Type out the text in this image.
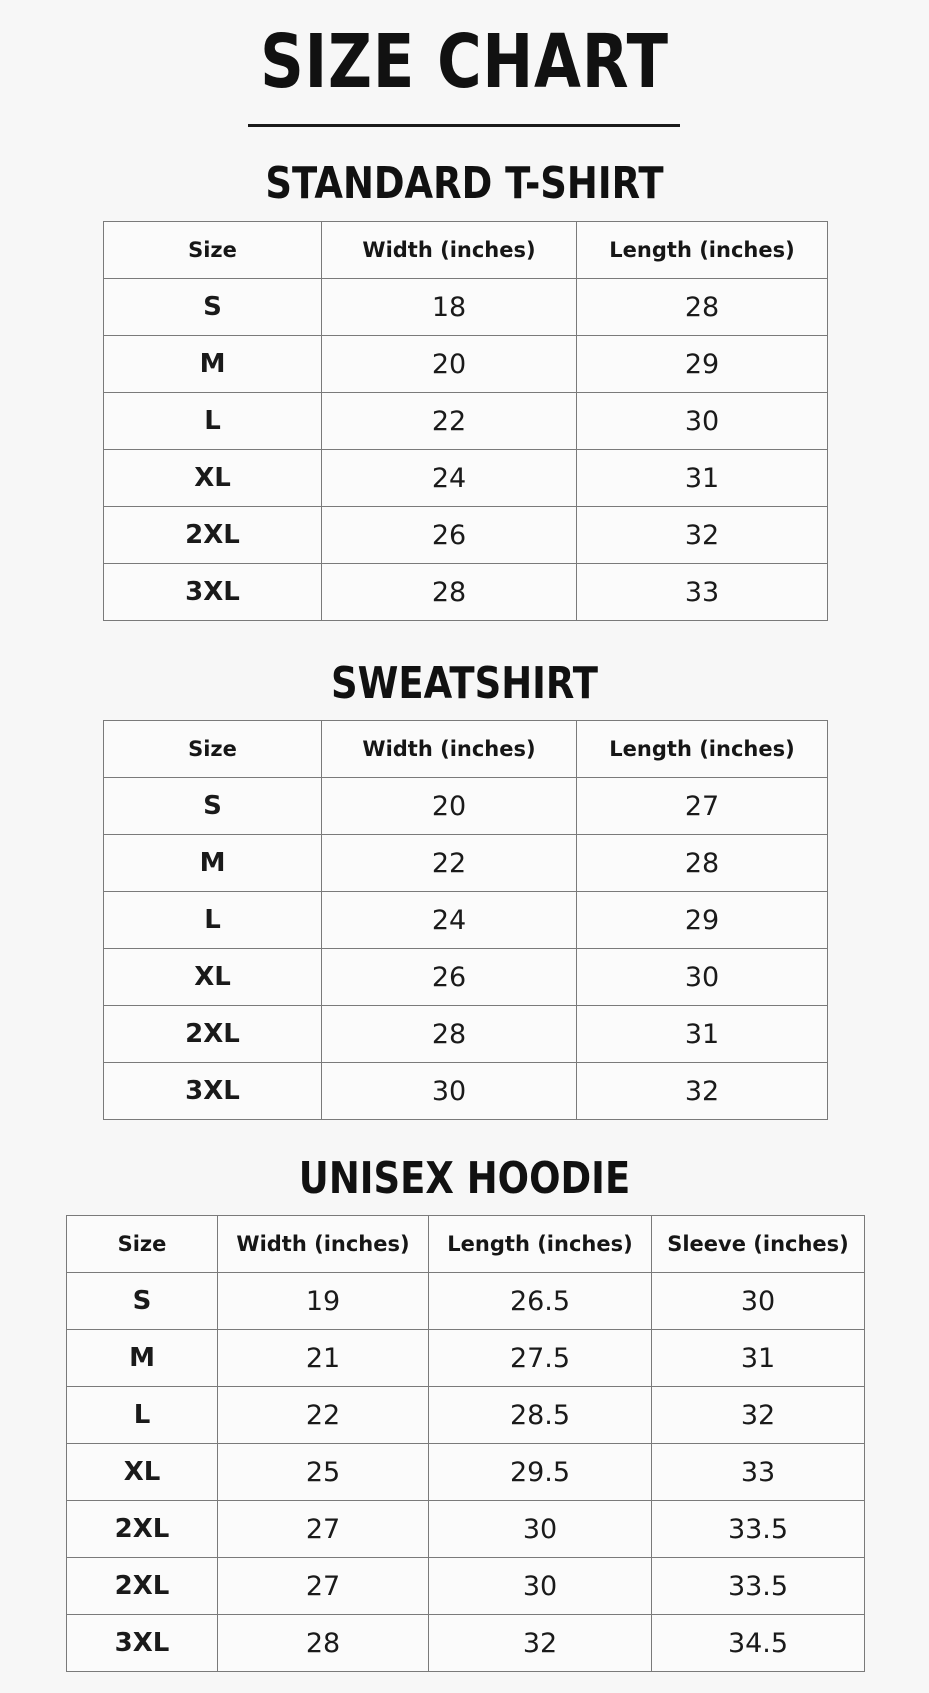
SIZE CHART
STANDARD T-SHIRT
Size	Width (inches)	Length (inches)
S	18	28
M	20	29
L	22	30
XL	24	31
2XL	26	32
3XL	28	33
SWEATSHIRT
Size	Width (inches)	Length (inches)
S	20	27
M	22	28
L	24	29
XL	26	30
2XL	28	31
3XL	30	32
UNISEX HOODIE
Size	Width (inches)	Length (inches)	Sleeve (inches)
S	19	26.5	30
M	21	27.5	31
L	22	28.5	32
XL	25	29.5	33
2XL	27	30	33.5
2XL	27	30	33.5
3XL	28	32	34.5
